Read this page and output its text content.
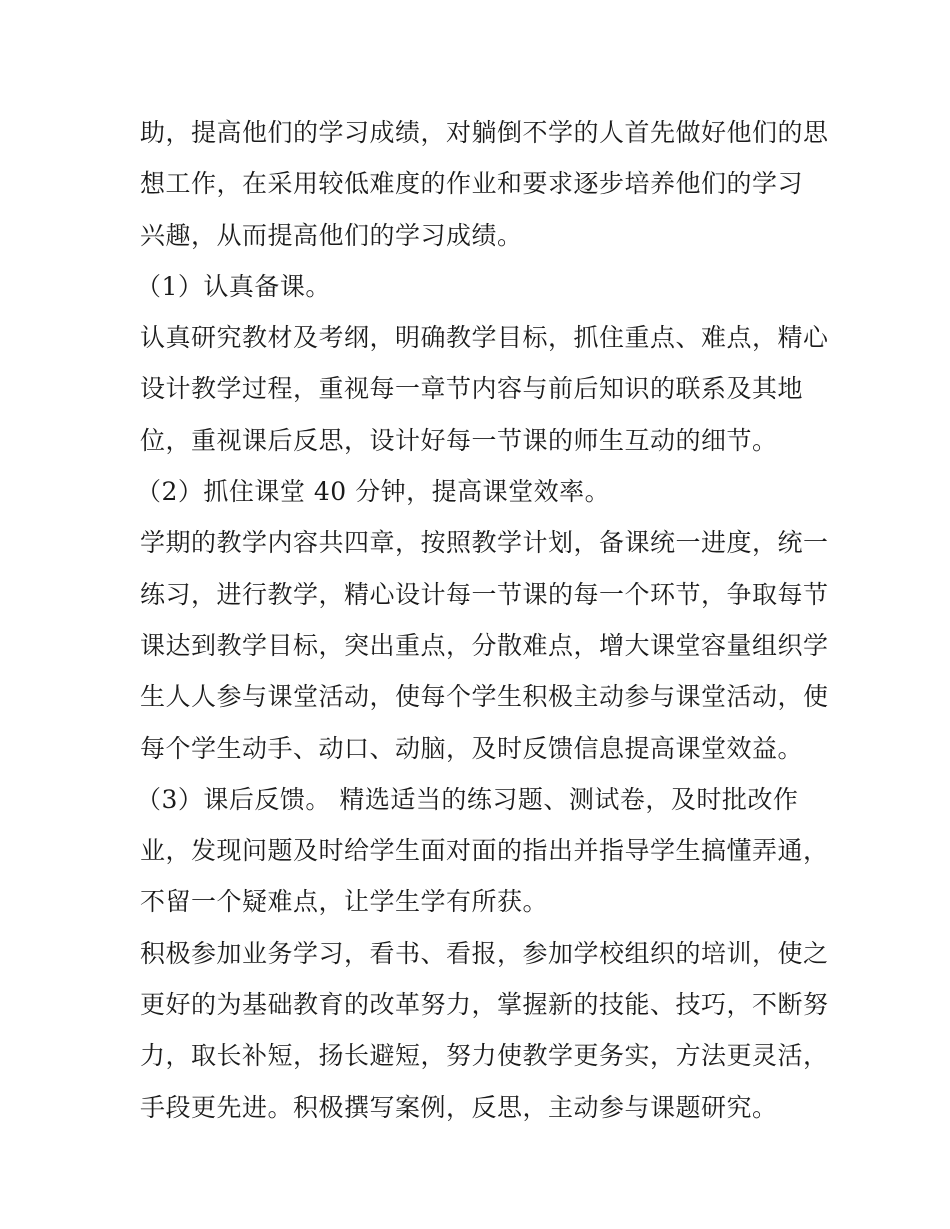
助，提高他们的学习成绩，对躺倒不学的人首先做好他们的思
想工作，在采用较低难度的作业和要求逐步培养他们的学习
兴趣，从而提高他们的学习成绩。
（1）认真备课。
认真研究教材及考纲，明确教学目标，抓住重点、难点，精心
设计教学过程，重视每一章节内容与前后知识的联系及其地
位，重视课后反思，设计好每一节课的师生互动的细节。
（2）抓住课堂 40 分钟，提高课堂效率。
学期的教学内容共四章，按照教学计划，备课统一进度，统一
练习，进行教学，精心设计每一节课的每一个环节，争取每节
课达到教学目标，突出重点，分散难点，增大课堂容量组织学
生人人参与课堂活动，使每个学生积极主动参与课堂活动，使
每个学生动手、动口、动脑，及时反馈信息提高课堂效益。
（3）课后反馈。 精选适当的练习题、测试卷，及时批改作
业，发现问题及时给学生面对面的指出并指导学生搞懂弄通，
不留一个疑难点，让学生学有所获。
积极参加业务学习，看书、看报，参加学校组织的培训，使之
更好的为基础教育的改革努力，掌握新的技能、技巧，不断努
力，取长补短，扬长避短，努力使教学更务实，方法更灵活，
手段更先进。积极撰写案例，反思，主动参与课题研究。
